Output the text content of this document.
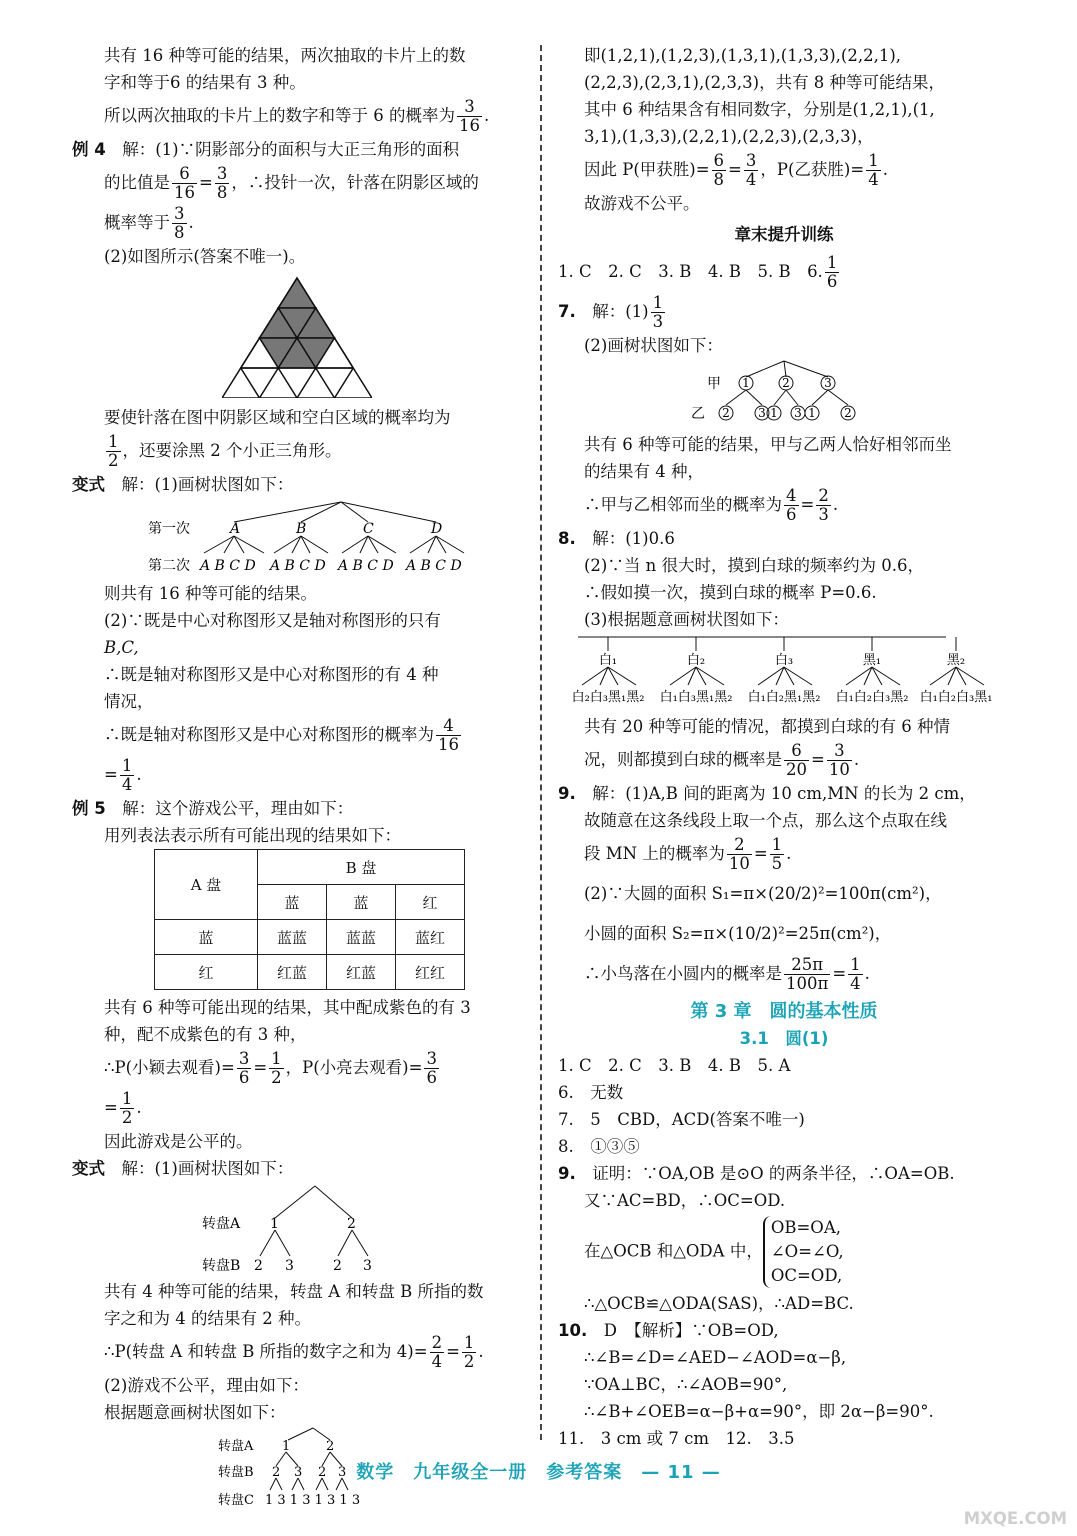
共有 16 种等可能的结果，两次抽取的卡片上的数
字和等于6 的结果有 3 种。
所以两次抽取的卡片上的数字和等于 6 的概率为 $\frac{3}{16}$ .
例 4　 解：(1)∵阴影部分的面积与大正三角形的面积
的比值是 $\frac{6}{16} = \frac{3}{8}$ ，∴投针一次，针落在阴影区域的
概率等于 $\frac{3}{8}$ .
(2)如图所示(答案不唯一)。
要使针落在图中阴影区域和空白区域的概率均为
$\frac{1}{2}$ ，还要涂黑 2 个小正三角形。
变式　 解：(1)画树状图如下：
第一次	A	B	C	D
第二次 A B C D A B C D A B C D A B C D
则共有 16 种等可能的结果。
(2)∵既是中心对称图形又是轴对称图形的只有
B,C,
∴既是轴对称图形又是中心对称图形的有 4 种
情况，
∴既是轴对称图形又是中心对称图形的概率为 $\frac{4}{16}$
= $\frac{1}{4}$ .
例 5　 解：这个游戏公平，理由如下：
用列表法表示所有可能出现的结果如下：
A 盘	B 盘		
	蓝	蓝	红
蓝	蓝蓝	蓝蓝	蓝红
红	红蓝	红蓝	红红
共有 6 种等可能出现的结果，其中配成紫色的有 3
种，配不成紫色的有 3 种，
∴P(小颖去观看)= $\frac{3}{6} = \frac{1}{2}$ ，P(小亮去观看)= $\frac{3}{6}$
= $\frac{1}{2}$ .
因此游戏是公平的。
变式　 解：(1)画树状图如下：
转盘A 1	2
转盘B 2 3	2 3
共有 4 种等可能的结果，转盘 A 和转盘 B 所指的数
字之和为 4 的结果有 2 种。
∴P(转盘 A 和转盘 B 所指的数字之和为 $4)= \frac{2}{4} = \frac{1}{2}$ .
(2)游戏不公平，理由如下：
根据题意画树状图如下：
转盘A 1	2
转盘B 2 3 2 3
转盘C 1 3 1 3 1 3 1 3
即(1,2,1),(1,2,3),(1,3,1),(1,3,3),(2,2,1),
(2,2,3),(2,3,1),(2,3,3)，共有 8 种等可能结果，
其中 6 种结果含有相同数字，分别是(1,2,1),(1,
3,1),(1,3,3),(2,2,1),(2,2,3),(2,3,3)，
因此 P(甲获胜)= $\frac{6}{8} = \frac{3}{4}$ ，P(乙获胜)= $\frac{1}{4}$ .
故游戏不公平。
章末提升训练
1. C　2. C　3. B　4. B　5. B　6. $\frac{1}{6}$
7.　 解：$(1) \frac{1}{3}$
(2)画树状图如下：
甲 1	2	3
乙 2 3 1 3 1 2
共有 6 种等可能的结果，甲与乙两人恰好相邻而坐
的结果有 4 种，
∴甲与乙相邻而坐的概率为 $\frac{4}{6} = \frac{2}{3}$ .
8.　 解：(1)0.6
(2)∵当 n 很大时，摸到白球的频率约为 0.6，
∴假如摸一次，摸到白球的概率 P=0.6.
(3)根据题意画树状图如下：
白₁	白₂	白₃	黑₁	黑₂
白₂白₃黑₁黑₂ 白₁白₃黑₁黑₂ 白₁白₂黑₁黑₂ 白₁白₂白₃黑₂ 白₁白₂白₃黑₁
共有 20 种等可能的情况，都摸到白球的有 6 种情
况，则都摸到白球的概率是 $\frac{6}{20} = \frac{3}{10}$ .
9.　 解：(1)A,B 间的距离为 10 cm,MN 的长为 2 cm，
故随意在这条线段上取一个点，那么这个点取在线
段 MN 上的概率为 $\frac{2}{10} = \frac{1}{5}$ .
(2)∵大圆的面积 S₁=π×(20/2)²=100π(cm²)，
小圆的面积 S₂=π×(10/2)²=25π(cm²)，
∴小鸟落在小圆内的概率是 $\frac{25\pi}{100\pi} = \frac{1}{4}$ .
第 3 章　圆的基本性质
3.1　圆(1)
1. C　2. C　3. B　4. B　5. A
6.　无数
7.　5　CBD，ACD(答案不唯一)
8.　①③⑤
9.　 证明：∵OA,OB 是⊙O 的两条半径，∴OA=OB.
又∵AC=BD，∴OC=OD.
在△OCB 和△ODA 中，
OB=OA,
∠O=∠O,
OC=OD,
∴△OCB≌△ODA(SAS)，∴AD=BC.
10.　 D　【解析】∵OB=OD,
∴∠B=∠D=∠AED−∠AOD=α−β,
∵OA⊥BC，∴∠AOB=90°,
∴∠B+∠OEB=α−β+α=90°，即 2α−β=90°.
11.　3 cm 或 7 cm　12.　3.5
数学　九年级全一册　参考答案　— 11 —
MXQE.COM
